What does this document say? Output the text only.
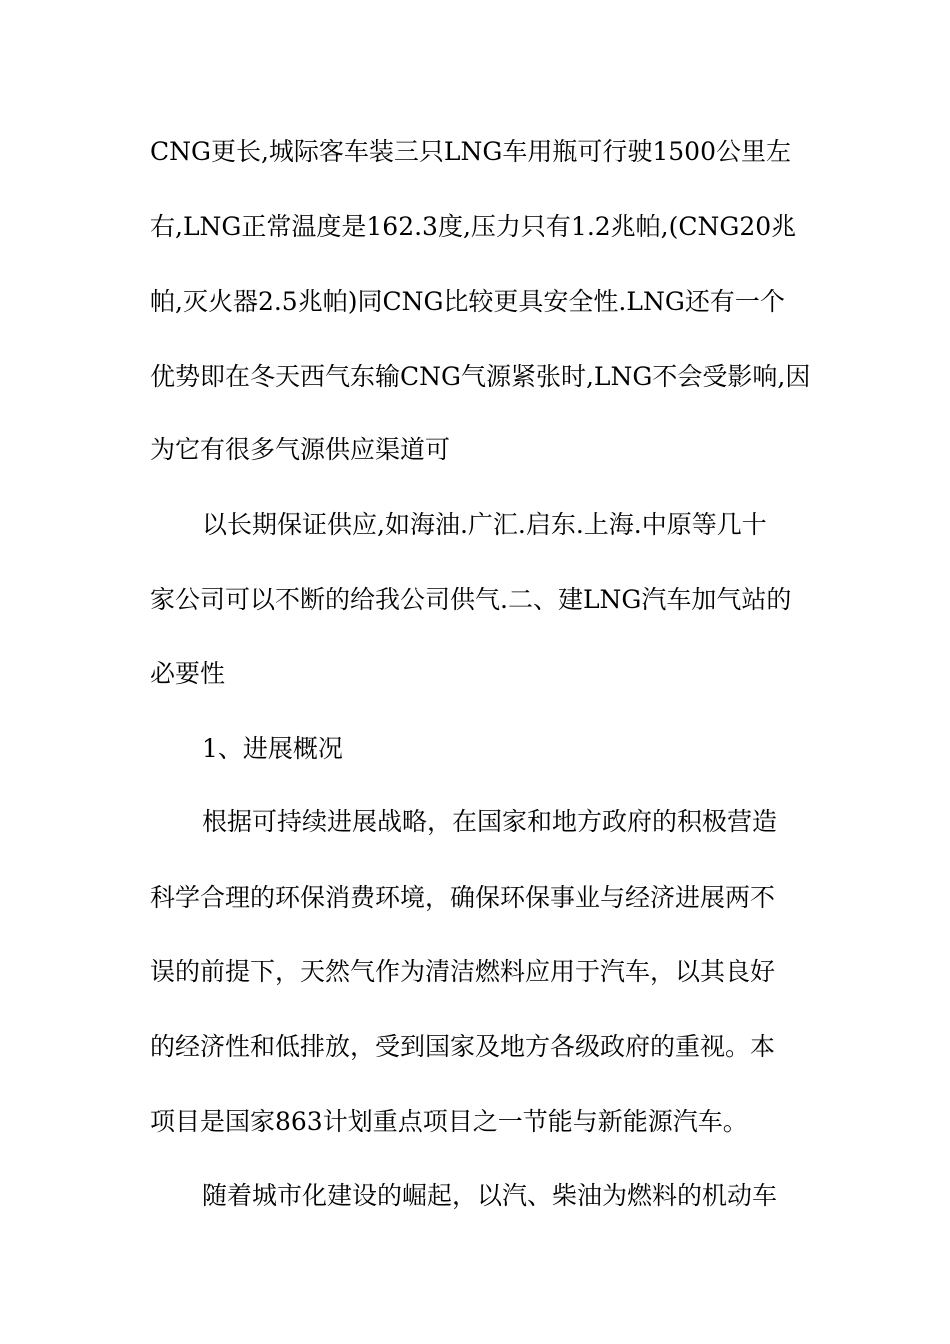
CNG更长,城际客车装三只LNG车用瓶可行驶1500公里左
右,LNG正常温度是162.3度,压力只有1.2兆帕,(CNG20兆
帕,灭火器2.5兆帕)同CNG比较更具安全性.LNG还有一个
优势即在冬天西气东输CNG气源紧张时,LNG不会受影响,因
为它有很多气源供应渠道可
以长期保证供应,如海油.广汇.启东.上海.中原等几十
家公司可以不断的给我公司供气.二、建LNG汽车加气站的
必要性
1、进展概况
根据可持续进展战略，在国家和地方政府的积极营造
科学合理的环保消费环境，确保环保事业与经济进展两不
误的前提下，天然气作为清洁燃料应用于汽车，以其良好
的经济性和低排放，受到国家及地方各级政府的重视。本
项目是国家863计划重点项目之一节能与新能源汽车。
随着城市化建设的崛起，以汽、柴油为燃料的机动车
